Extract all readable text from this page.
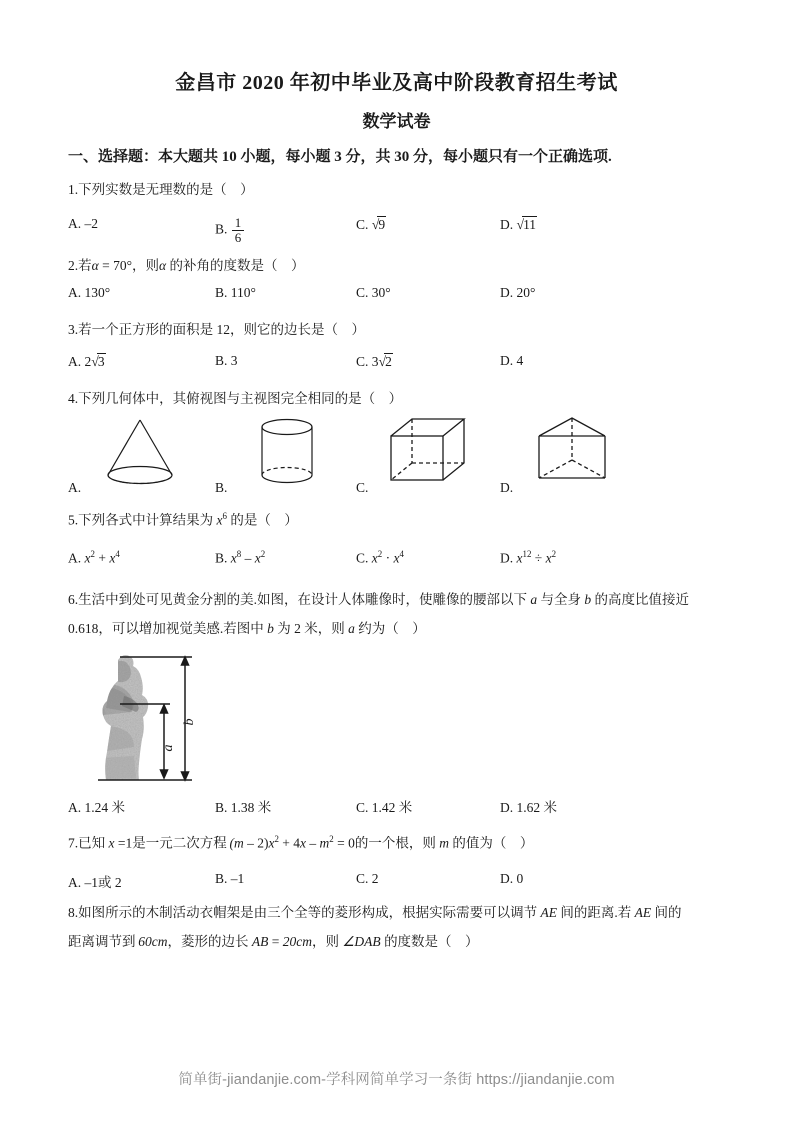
金昌市 2020 年初中毕业及高中阶段教育招生考试
数学试卷
一、选择题：本大题共 10 小题，每小题 3 分，共 30 分，每小题只有一个正确选项.
1.下列实数是无理数的是（　）
A. –2	B. $\frac{1}{6}$	C. √9	D. √11
2.若α = 70°，则α 的补角的度数是（　）
A. 130°	B. 110°	C. 30°	D. 20°
3.若一个正方形的面积是 12，则它的边长是（　）
A. 2√3	B. 3	C. 3√2	D. 4
4.下列几何体中，其俯视图与主视图完全相同的是（　）
A.	B.	C.	D.
5.下列各式中计算结果为 $x^6$ 的是（　）
A. $x^2 + x^4$	B. $x^8 - x^2$	C. $x^2 \cdot x^4$	D. $x^{12} \div x^2$
6.生活中到处可见黄金分割的美.如图，在设计人体雕像时，使雕像的腰部以下 a 与全身 b 的高度比值接近
0.618，可以增加视觉美感.若图中 b 为 2 米，则 a 约为（　）
b
a
A. 1.24 米	B. 1.38 米	C. 1.42 米	D. 1.62 米
7.已知 x =1是一元二次方程 $(m - 2)x^2 + 4x - m^2 = 0$的一个根，则 m 的值为（　）
A. –1或 2	B. –1	C. 2	D. 0
8.如图所示的木制活动衣帽架是由三个全等的菱形构成，根据实际需要可以调节 AE 间的距离.若 AE 间的
距离调节到 60cm，菱形的边长 AB = 20cm，则 ∠DAB 的度数是（　）
简单街-jiandanjie.com-学科网简单学习一条街 https://jiandanjie.com
